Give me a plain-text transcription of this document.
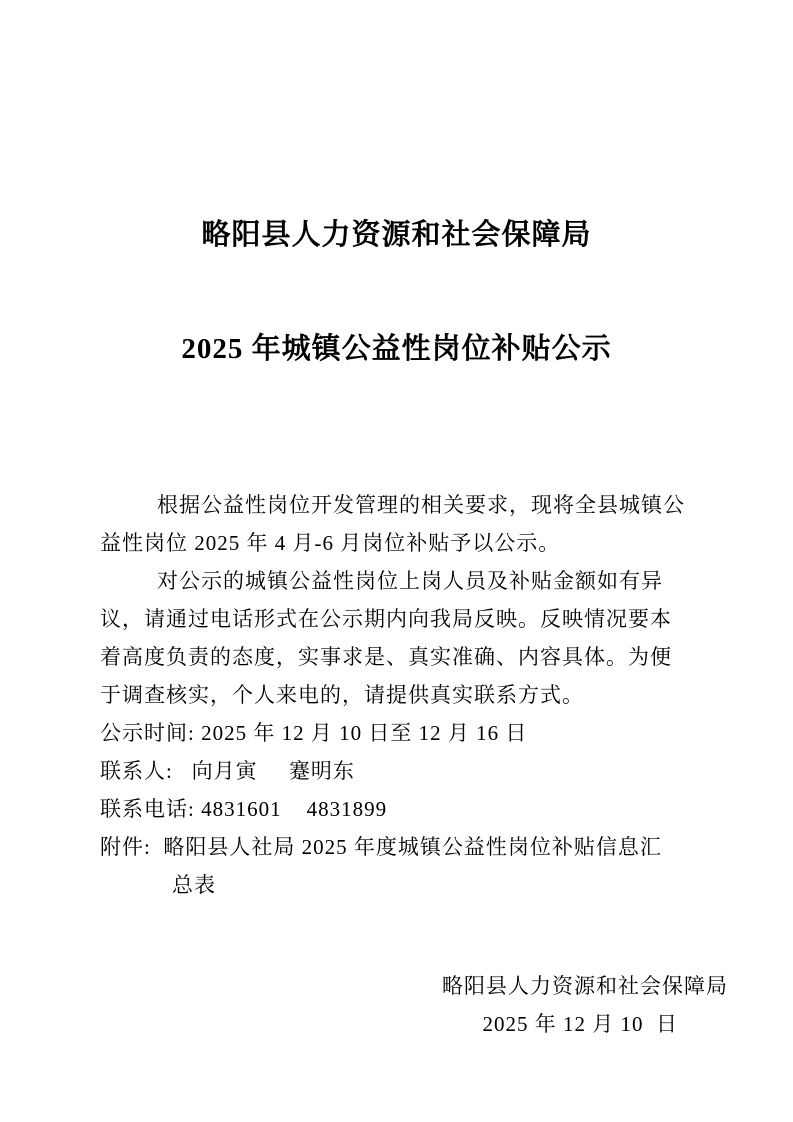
略阳县人力资源和社会保障局

2025 年城镇公益性岗位补贴公示

根据公益性岗位开发管理的相关要求，现将全县城镇公
益性岗位 2025 年 4 月-6 月岗位补贴予以公示。
对公示的城镇公益性岗位上岗人员及补贴金额如有异
议，请通过电话形式在公示期内向我局反映。反映情况要本
着高度负责的态度，实事求是、真实准确、内容具体。为便
于调查核实，个人来电的，请提供真实联系方式。
公示时间: 2025 年 12 月 10 日至 12 月 16 日
联系人:   向月寅     蹇明东
联系电话: 4831601    4831899
附件:  略阳县人社局 2025 年度城镇公益性岗位补贴信息汇
总表
略阳县人力资源和社会保障局
2025 年 12 月 10  日
